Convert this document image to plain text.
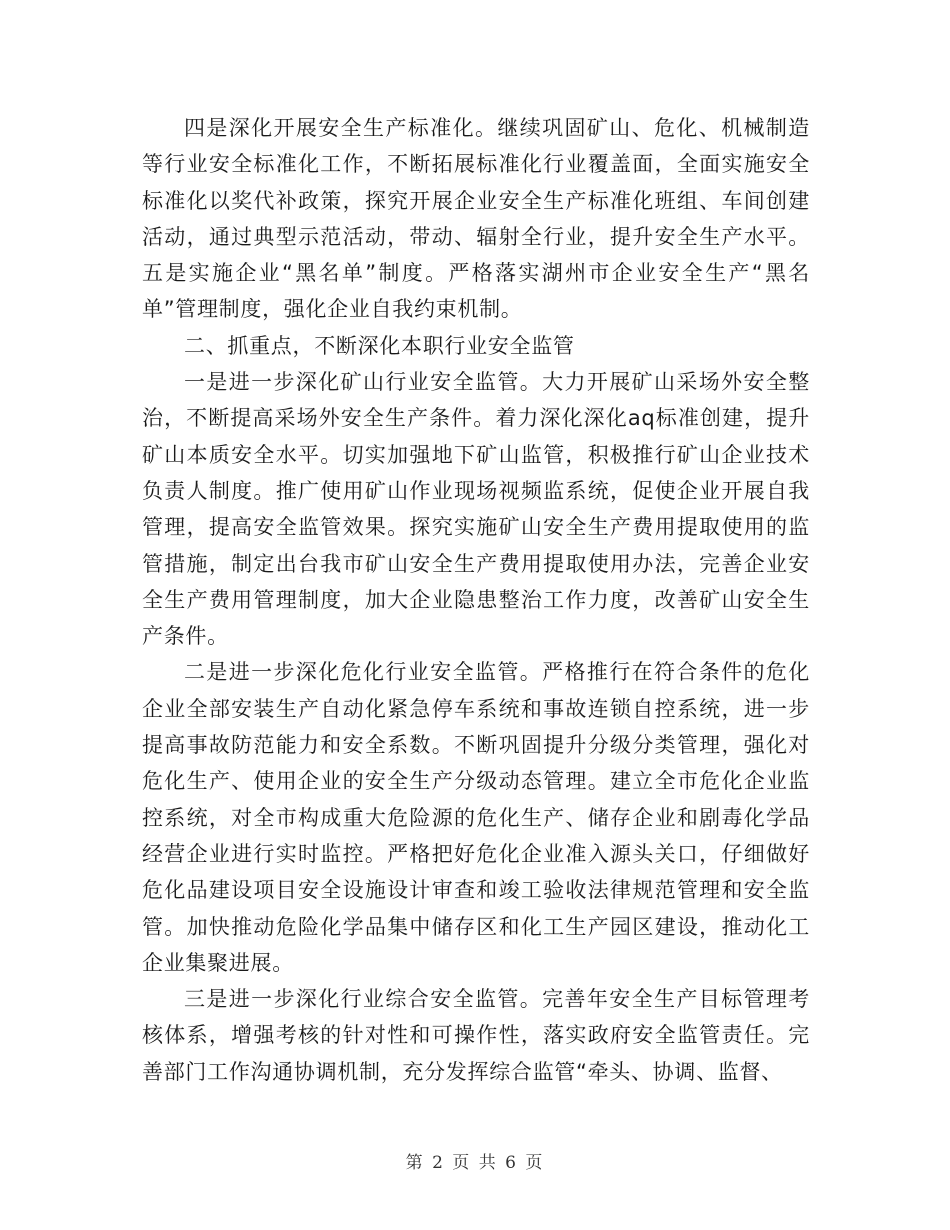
四是深化开展安全生产标准化。继续巩固矿山、危化、机械制造等行业安全标准化工作，不断拓展标准化行业覆盖面，全面实施安全标准化以奖代补政策，探究开展企业安全生产标准化班组、车间创建活动，通过典型示范活动，带动、辐射全行业，提升安全生产水平。五是实施企业“黑名单”制度。严格落实湖州市企业安全生产“黑名单”管理制度，强化企业自我约束机制。

二、抓重点，不断深化本职行业安全监管

一是进一步深化矿山行业安全监管。大力开展矿山采场外安全整治，不断提高采场外安全生产条件。着力深化深化aq标准创建，提升矿山本质安全水平。切实加强地下矿山监管，积极推行矿山企业技术负责人制度。推广使用矿山作业现场视频监系统，促使企业开展自我管理，提高安全监管效果。探究实施矿山安全生产费用提取使用的监管措施，制定出台我市矿山安全生产费用提取使用办法，完善企业安全生产费用管理制度，加大企业隐患整治工作力度，改善矿山安全生产条件。

二是进一步深化危化行业安全监管。严格推行在符合条件的危化企业全部安装生产自动化紧急停车系统和事故连锁自控系统，进一步提高事故防范能力和安全系数。不断巩固提升分级分类管理，强化对危化生产、使用企业的安全生产分级动态管理。建立全市危化企业监控系统，对全市构成重大危险源的危化生产、储存企业和剧毒化学品经营企业进行实时监控。严格把好危化企业准入源头关口，仔细做好危化品建设项目安全设施设计审查和竣工验收法律规范管理和安全监管。加快推动危险化学品集中储存区和化工生产园区建设，推动化工企业集聚进展。

三是进一步深化行业综合安全监管。完善年安全生产目标管理考核体系，增强考核的针对性和可操作性，落实政府安全监管责任。完善部门工作沟通协调机制，充分发挥综合监管“牵头、协调、监督、

第 2 页 共 6 页
